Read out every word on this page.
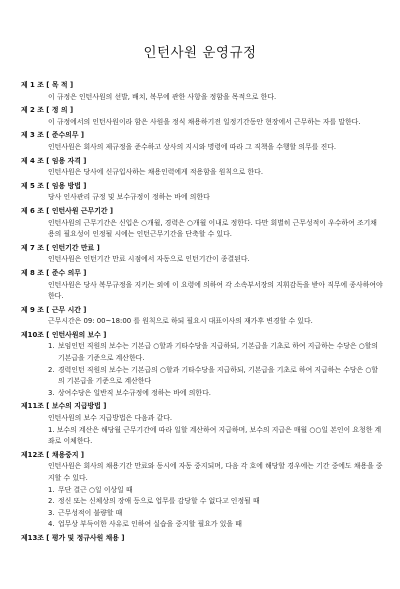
인턴사원 운영규정
제 1 조 [ 목 적 ]
이 규정은 인턴사원의 선발, 배치, 복무에 관한 사항을 정함을 목적으로 한다.
제 2 조 [ 정 의 ]
이 규정에서의 인턴사원이라 함은 사원을 정식 채용하기전 일정기간동안 현장에서 근무하는 자를 말한다.
제 3 조 [ 준수의무 ]
인턴사원은 회사의 제규정을 준수하고 상사의 지시와 명령에 따라 그 직책을 수행할 의무를 진다.
제 4 조 [ 임용 자격 ]
인턴사원은 당사에 신규입사하는 채용인력에게 적용함을 원칙으로 한다.
제 5 조 [ 임용 방법 ]
당사 인사관리 규정 및 보수규정이 정하는 바에 의한다
제 6 조 [ 인턴사원 근무기간 ]
인턴사원의 근무기간은 신입은 ○개월, 경력은 ○개월 이내로 정한다. 다만 회별히 근무성적이 우수하여 조기채용의 필요성이 인정될 시에는 인턴근무기간을 단축할 수 있다.
제 7 조 [ 인턴기간 만료 ]
인턴사원은 인턴기간 만료 시점에서 자동으로 인턴기간이 종결된다.
제 8 조 [ 준수 의무 ]
인턴사원은 당사 복무규정을 지키는 외에 이 요령에 의하여 각 소속부서장의 지휘감독을 받아 직무에 종사하여야 한다.
제 9 조 [ 근무 시간 ]
근무시간은 09: 00~18:00 를 원칙으로 하되 필요시 대표이사의 재가후 변경할 수 있다.
제10조 [ 인턴사원의 보수 ]
1. 보임인턴 직원의 보수는 기본급 ○할과 기타수당을 지급하되, 기본급을 기초로 하여 지급하는 수당은 ○할의 기본급을 기준으로 계산한다.
2. 경력인턴 직원의 보수는 기본급의 ○할과 기타수당을 지급하되, 기본급을 기초로 하여 지급하는 수당은 ○할의 기본급을 기준으로 계산한다
3. 상여수당은 일반직 보수규정에 정하는 바에 의한다.
제11조 [ 보수의 지급방법 ]
인턴사원의 보수 지급방법은 다음과 같다.
1. 보수의 계산은 해당월 근무기간에 따라 일할 계산하여 지급하며, 보수의 지급은 매월 ○○일 본인이 요청한 계좌로 이체한다.
제12조 [ 채용중지 ]
인턴사원은 회사의 채용기간 만료와 동시에 자동 중지되며, 다음 각 호에 해당할 경우에는 기간 중에도 채용을 중지할 수 있다.
1. 무단 결근 ○일 이상일 때
2. 정신 또는 신체상의 장애 등으로 업무를 감당할 수 없다고 인정될 때
3. 근무성적이 불량할 때
4. 업무상 부득이한 사유로 인하여 실습을 중지할 필요가 있을 때
제13조 [ 평가 및 정규사원 채용 ]
